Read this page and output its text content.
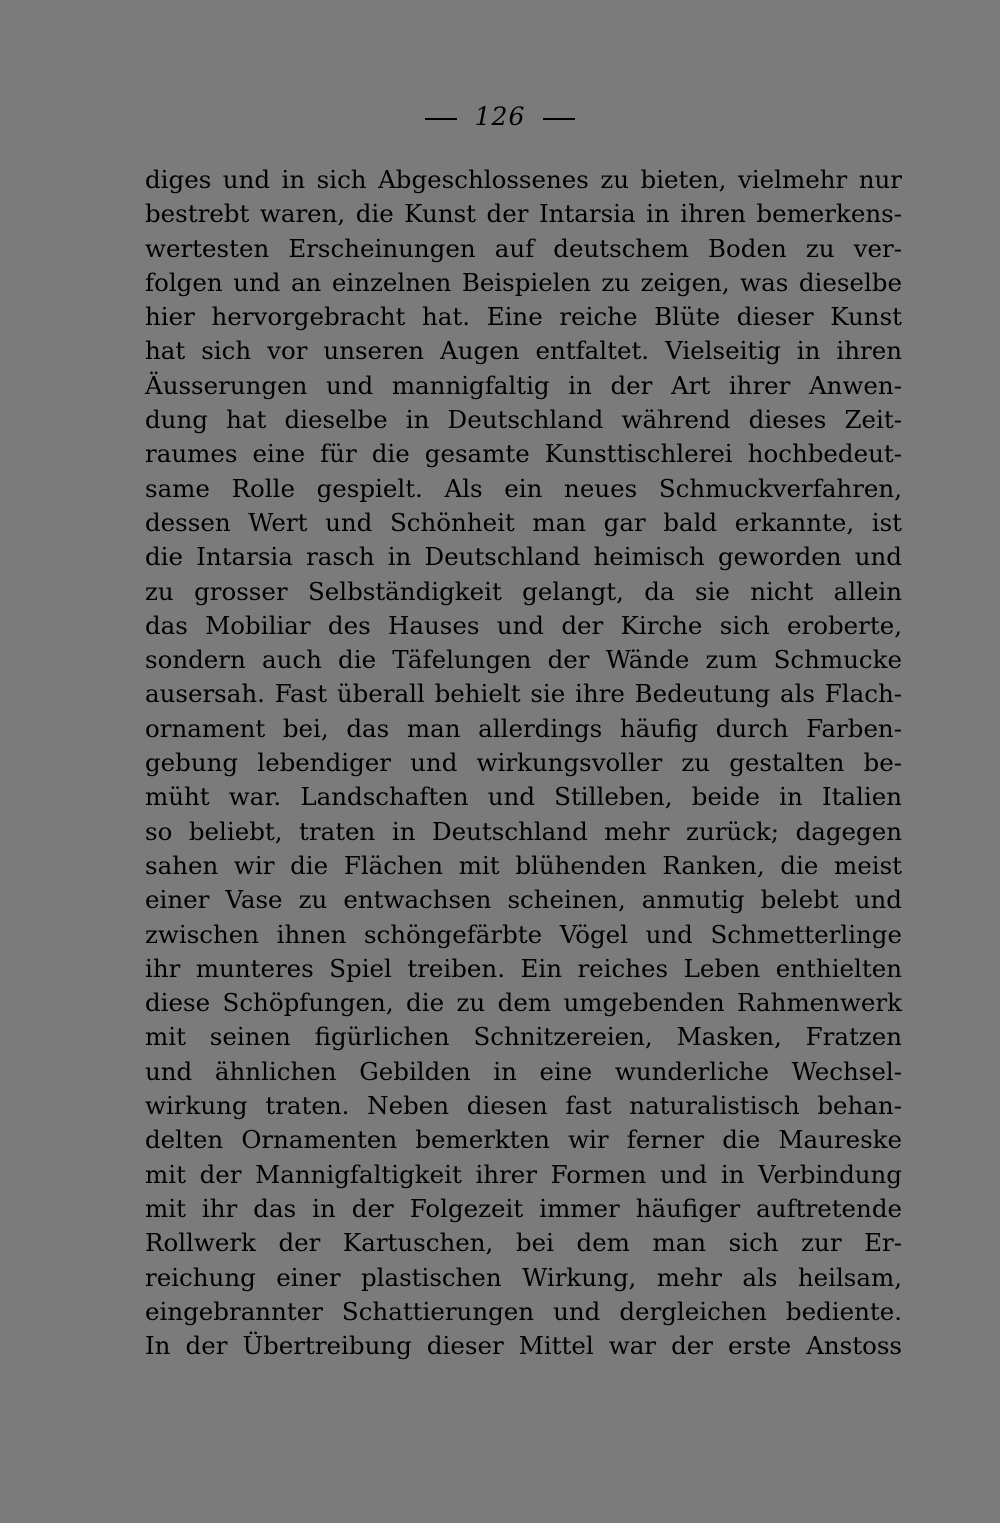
126
diges und in sich Abgeschlossenes zu bieten, vielmehr nur
bestrebt waren, die Kunst der Intarsia in ihren bemerkens-
wertesten Erscheinungen auf deutschem Boden zu ver-
folgen und an einzelnen Beispielen zu zeigen, was dieselbe
hier hervorgebracht hat. Eine reiche Blüte dieser Kunst
hat sich vor unseren Augen entfaltet. Vielseitig in ihren
Äusserungen und mannigfaltig in der Art ihrer Anwen-
dung hat dieselbe in Deutschland während dieses Zeit-
raumes eine für die gesamte Kunsttischlerei hochbedeut-
same Rolle gespielt. Als ein neues Schmuckverfahren,
dessen Wert und Schönheit man gar bald erkannte, ist
die Intarsia rasch in Deutschland heimisch geworden und
zu grosser Selbständigkeit gelangt, da sie nicht allein
das Mobiliar des Hauses und der Kirche sich eroberte,
sondern auch die Täfelungen der Wände zum Schmucke
ausersah. Fast überall behielt sie ihre Bedeutung als Flach-
ornament bei, das man allerdings häufig durch Farben-
gebung lebendiger und wirkungsvoller zu gestalten be-
müht war. Landschaften und Stilleben, beide in Italien
so beliebt, traten in Deutschland mehr zurück; dagegen
sahen wir die Flächen mit blühenden Ranken, die meist
einer Vase zu entwachsen scheinen, anmutig belebt und
zwischen ihnen schöngefärbte Vögel und Schmetterlinge
ihr munteres Spiel treiben. Ein reiches Leben enthielten
diese Schöpfungen, die zu dem umgebenden Rahmenwerk
mit seinen figürlichen Schnitzereien, Masken, Fratzen
und ähnlichen Gebilden in eine wunderliche Wechsel-
wirkung traten. Neben diesen fast naturalistisch behan-
delten Ornamenten bemerkten wir ferner die Maureske
mit der Mannigfaltigkeit ihrer Formen und in Verbindung
mit ihr das in der Folgezeit immer häufiger auftretende
Rollwerk der Kartuschen, bei dem man sich zur Er-
reichung einer plastischen Wirkung, mehr als heilsam,
eingebrannter Schattierungen und dergleichen bediente.
In der Übertreibung dieser Mittel war der erste Anstoss
